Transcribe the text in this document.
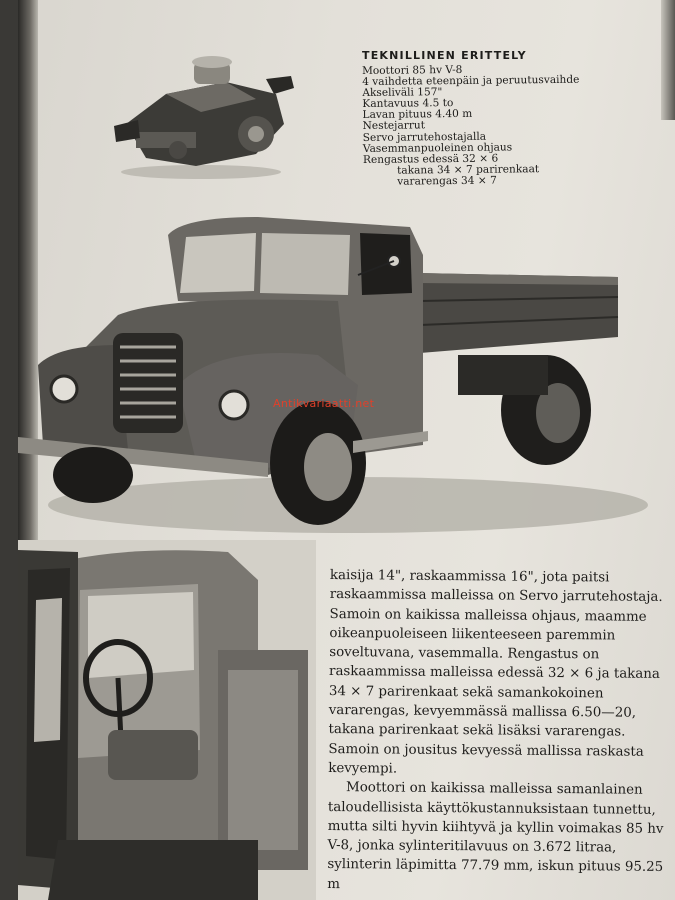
TEKNILLINEN ERITTELY
Moottori 85 hv V-8
4 vaihdetta eteenpäin ja peruutusvaihde
Akseliväli 157"
Kantavuus 4.5 to
Lavan pituus 4.40 m
Nestejarrut
Servo jarrutehostajalla
Vasemmanpuoleinen ohjaus
Rengastus edessä 32 × 6
takana 34 × 7 parirenkaat
vararengas 34 × 7
Antikvariaatti.net

kaisija 14", raskaammissa 16", jota paitsi raskaammissa malleissa on Servo jarrutehostaja. Samoin on kaikissa malleissa ohjaus, maamme oikeanpuoleiseen liikenteeseen paremmin soveltuvana, vasemmalla. Rengastus on raskaammissa malleissa edessä 32 × 6 ja takana 34 × 7 parirenkaat sekä samankokoinen vararengas, kevyemmässä mallissa 6.50—20, takana parirenkaat sekä lisäksi vararengas. Samoin on jousitus kevyessä mallissa raskasta kevyempi.

Moottori on kaikissa malleissa samanlainen taloudellisista käyttökustannuksistaan tunnettu, mutta silti hyvin kiihtyvä ja kyllin voimakas 85 hv V-8, jonka sylinteritilavuus on 3.672 litraa, sylinterin läpimitta 77.79 mm, iskun pituus 95.25 m
